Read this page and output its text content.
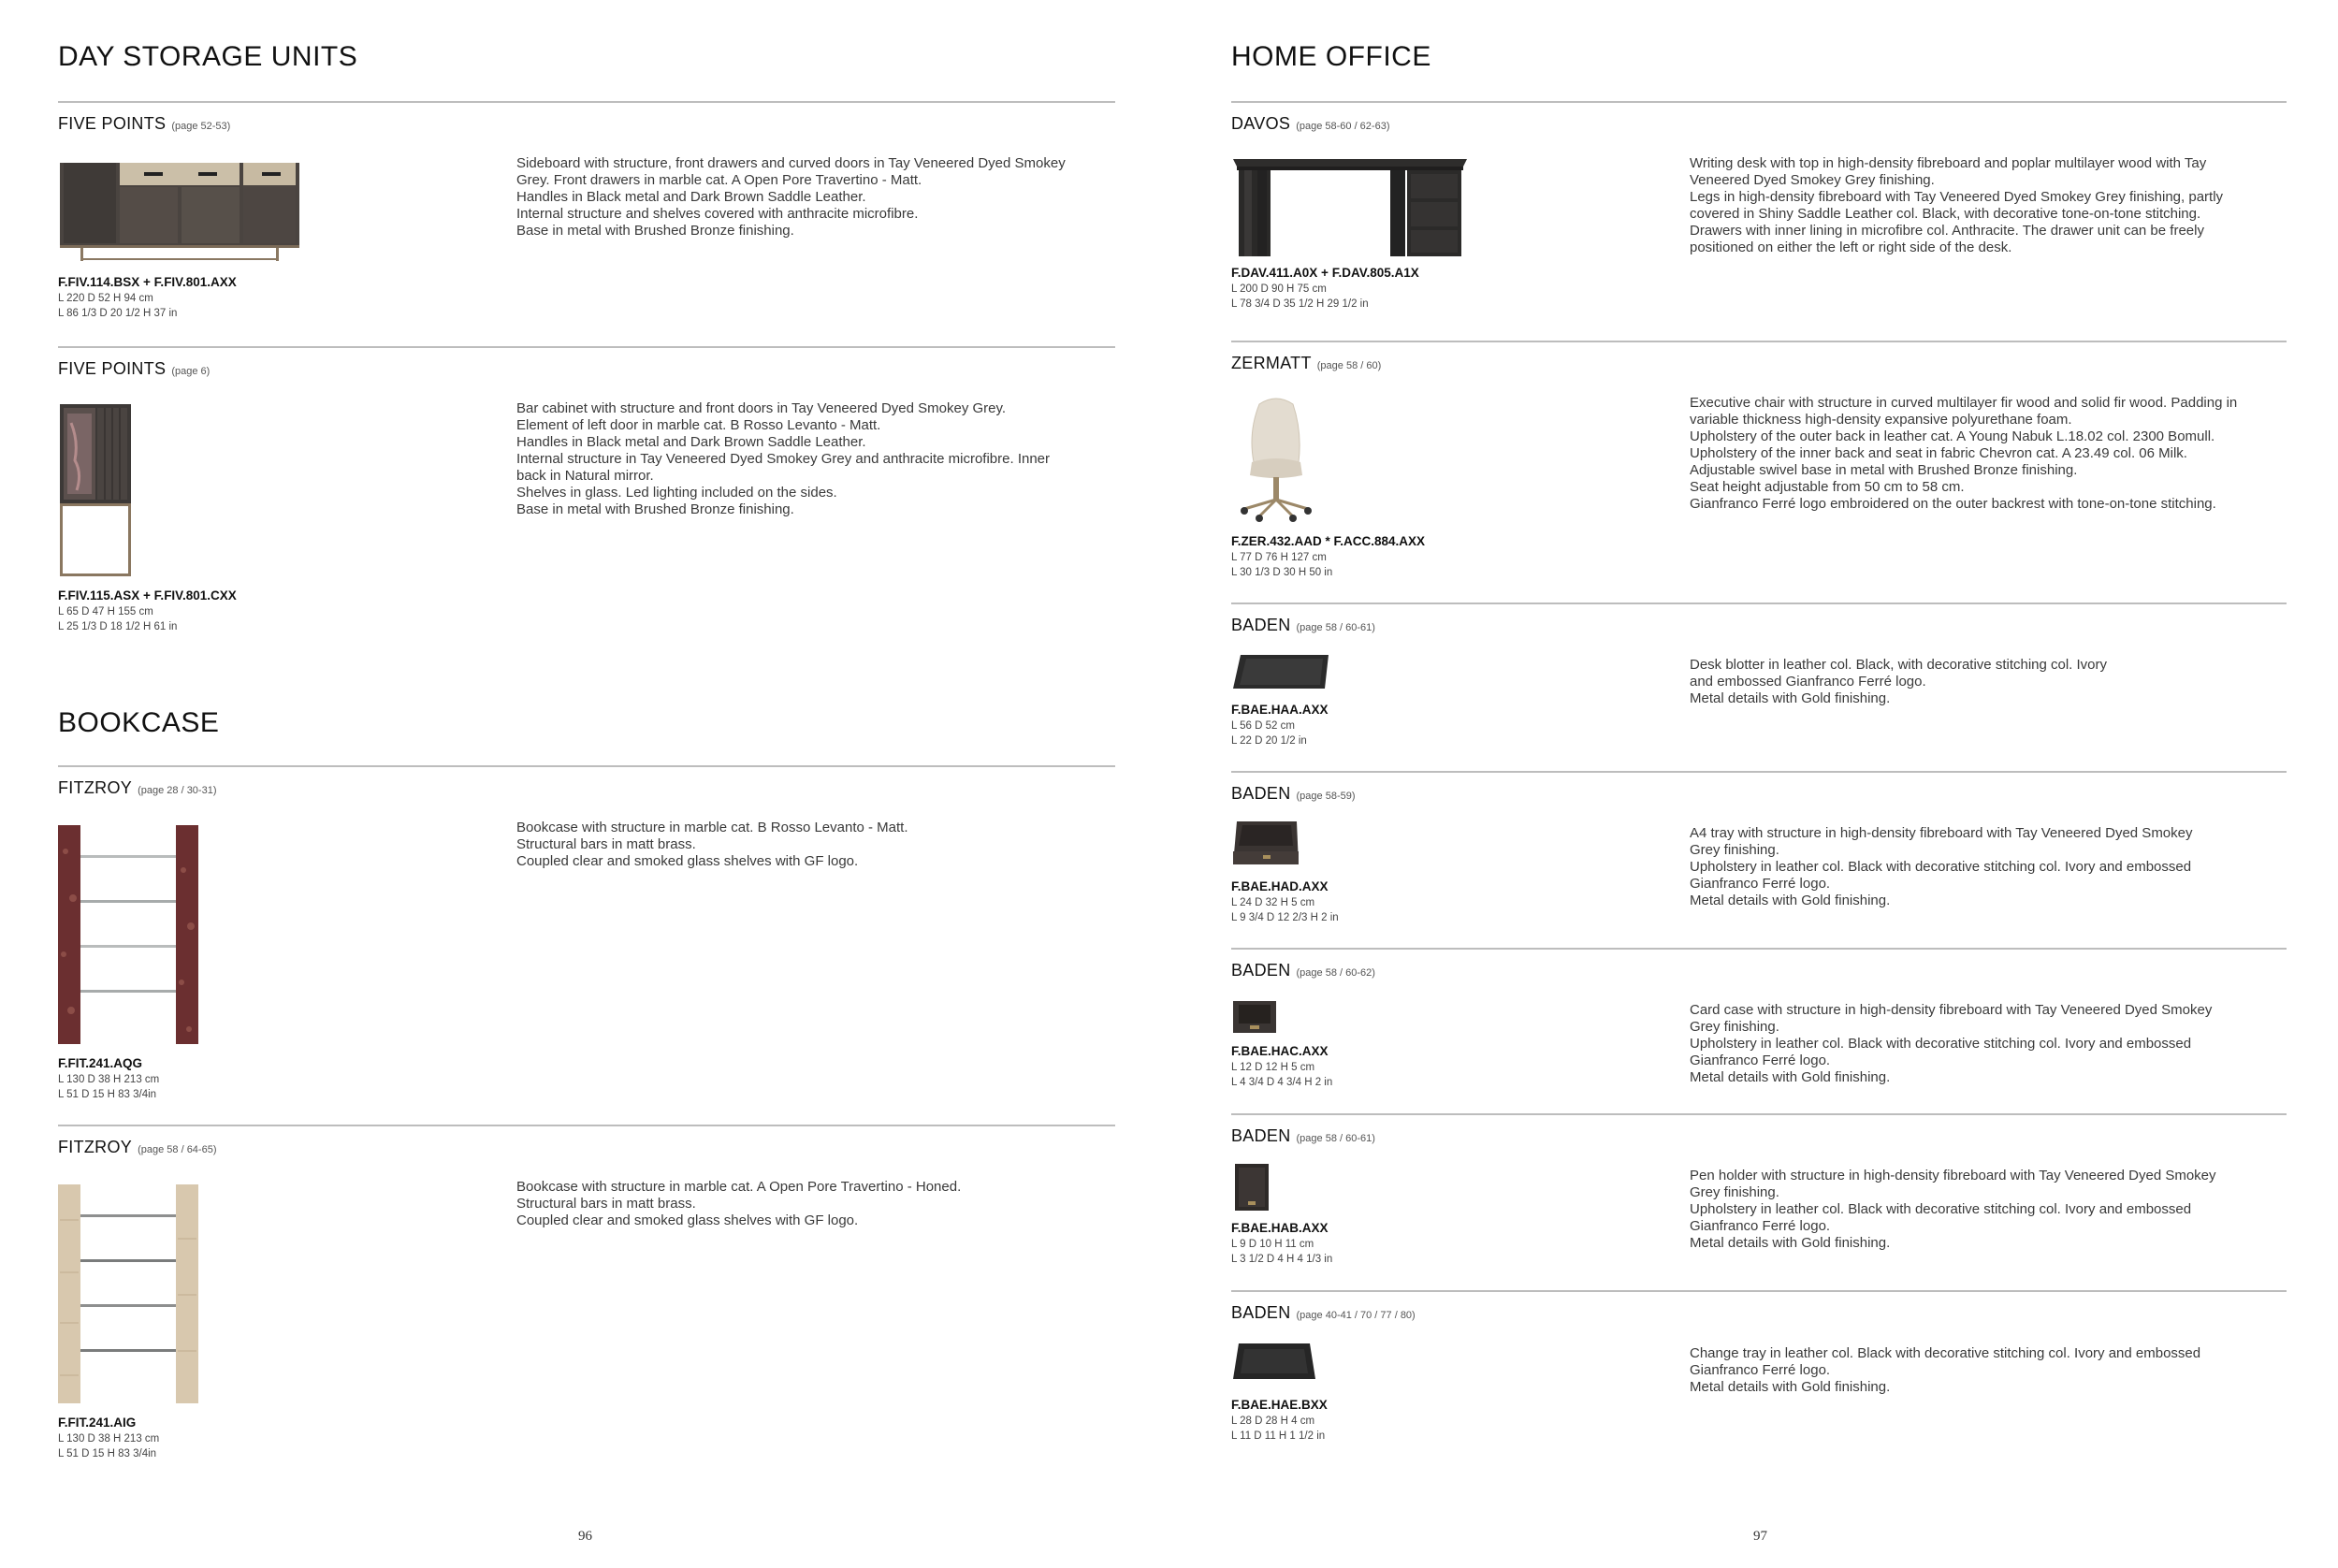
DAY STORAGE UNITS
FIVE POINTS (page 52-53)
F.FIV.114.BSX + F.FIV.801.AXX
L 220 D 52 H 94 cm
L 86 1/3 D 20 1/2 H 37 in
Sideboard with structure, front drawers and curved doors in Tay Veneered Dyed Smokey
Grey. Front drawers in marble cat. A Open Pore Travertino - Matt.
Handles in Black metal and Dark Brown Saddle Leather.
Internal structure and shelves covered with anthracite microfibre.
Base in metal with Brushed Bronze finishing.
FIVE POINTS (page 6)
F.FIV.115.ASX + F.FIV.801.CXX
L 65 D 47 H 155 cm
L 25 1/3 D 18 1/2 H 61 in
Bar cabinet with structure and front doors in Tay Veneered Dyed Smokey Grey.
Element of left door in marble cat. B Rosso Levanto - Matt.
Handles in Black metal and Dark Brown Saddle Leather.
Internal structure in Tay Veneered Dyed Smokey Grey and anthracite microfibre. Inner
back in Natural mirror.
Shelves in glass. Led lighting included on the sides.
Base in metal with Brushed Bronze finishing.
BOOKCASE
FITZROY (page 28 / 30-31)
F.FIT.241.AQG
L 130 D 38 H 213 cm
L 51 D 15 H 83 3/4in
Bookcase with structure in marble cat. B Rosso Levanto - Matt.
Structural bars in matt brass.
Coupled clear and smoked glass shelves with GF logo.
FITZROY (page 58 / 64-65)
F.FIT.241.AIG
L 130 D 38 H 213 cm
L 51 D 15 H 83 3/4in
Bookcase with structure in marble cat. A Open Pore Travertino - Honed.
Structural bars in matt brass.
Coupled clear and smoked glass shelves with GF logo.
96
HOME OFFICE
DAVOS (page 58-60 / 62-63)
F.DAV.411.A0X + F.DAV.805.A1X
L 200 D 90 H 75 cm
L 78 3/4 D 35 1/2 H 29 1/2 in
Writing desk with top in high-density fibreboard and poplar multilayer wood with Tay
Veneered Dyed Smokey Grey finishing.
Legs in high-density fibreboard with Tay Veneered Dyed Smokey Grey finishing, partly
covered in Shiny Saddle Leather col. Black, with decorative tone-on-tone stitching.
Drawers with inner lining in microfibre col. Anthracite. The drawer unit can be freely
positioned on either the left or right side of the desk.
ZERMATT (page 58 / 60)
F.ZER.432.AAD * F.ACC.884.AXX
L 77 D 76 H 127 cm
L 30 1/3 D 30 H 50 in
Executive chair with structure in curved multilayer fir wood and solid fir wood. Padding in
variable thickness high-density expansive polyurethane foam.
Upholstery of the outer back in leather cat. A Young Nabuk L.18.02 col. 2300 Bomull.
Upholstery of the inner back and seat in fabric Chevron cat. A 23.49 col. 06 Milk.
Adjustable swivel base in metal with Brushed Bronze finishing.
Seat height adjustable from 50 cm to 58 cm.
Gianfranco Ferré logo embroidered on the outer backrest with tone-on-tone stitching.
BADEN (page 58 / 60-61)
F.BAE.HAA.AXX
L 56 D 52 cm
L 22 D 20 1/2 in
Desk blotter in leather col. Black, with decorative stitching col. Ivory
and embossed Gianfranco Ferré logo.
Metal details with Gold finishing.
BADEN (page 58-59)
F.BAE.HAD.AXX
L 24 D 32 H 5 cm
L 9 3/4 D 12 2/3 H 2 in
A4 tray with structure in high-density fibreboard with Tay Veneered Dyed Smokey
Grey finishing.
Upholstery in leather col. Black with decorative stitching col. Ivory and embossed
Gianfranco Ferré logo.
Metal details with Gold finishing.
BADEN (page 58 / 60-62)
F.BAE.HAC.AXX
L 12 D 12 H 5 cm
L 4 3/4 D 4 3/4 H 2 in
Card case with structure in high-density fibreboard with Tay Veneered Dyed Smokey
Grey finishing.
Upholstery in leather col. Black with decorative stitching col. Ivory and embossed
Gianfranco Ferré logo.
Metal details with Gold finishing.
BADEN (page 58 / 60-61)
F.BAE.HAB.AXX
L 9 D 10 H 11 cm
L 3 1/2 D 4 H 4 1/3 in
Pen holder with structure in high-density fibreboard with Tay Veneered Dyed Smokey
Grey finishing.
Upholstery in leather col. Black with decorative stitching col. Ivory and embossed
Gianfranco Ferré logo.
Metal details with Gold finishing.
BADEN (page 40-41 / 70 / 77 / 80)
F.BAE.HAE.BXX
L 28 D 28 H 4 cm
L 11 D 11 H 1 1/2 in
Change tray in leather col. Black with decorative stitching col. Ivory and embossed
Gianfranco Ferré logo.
Metal details with Gold finishing.
97
